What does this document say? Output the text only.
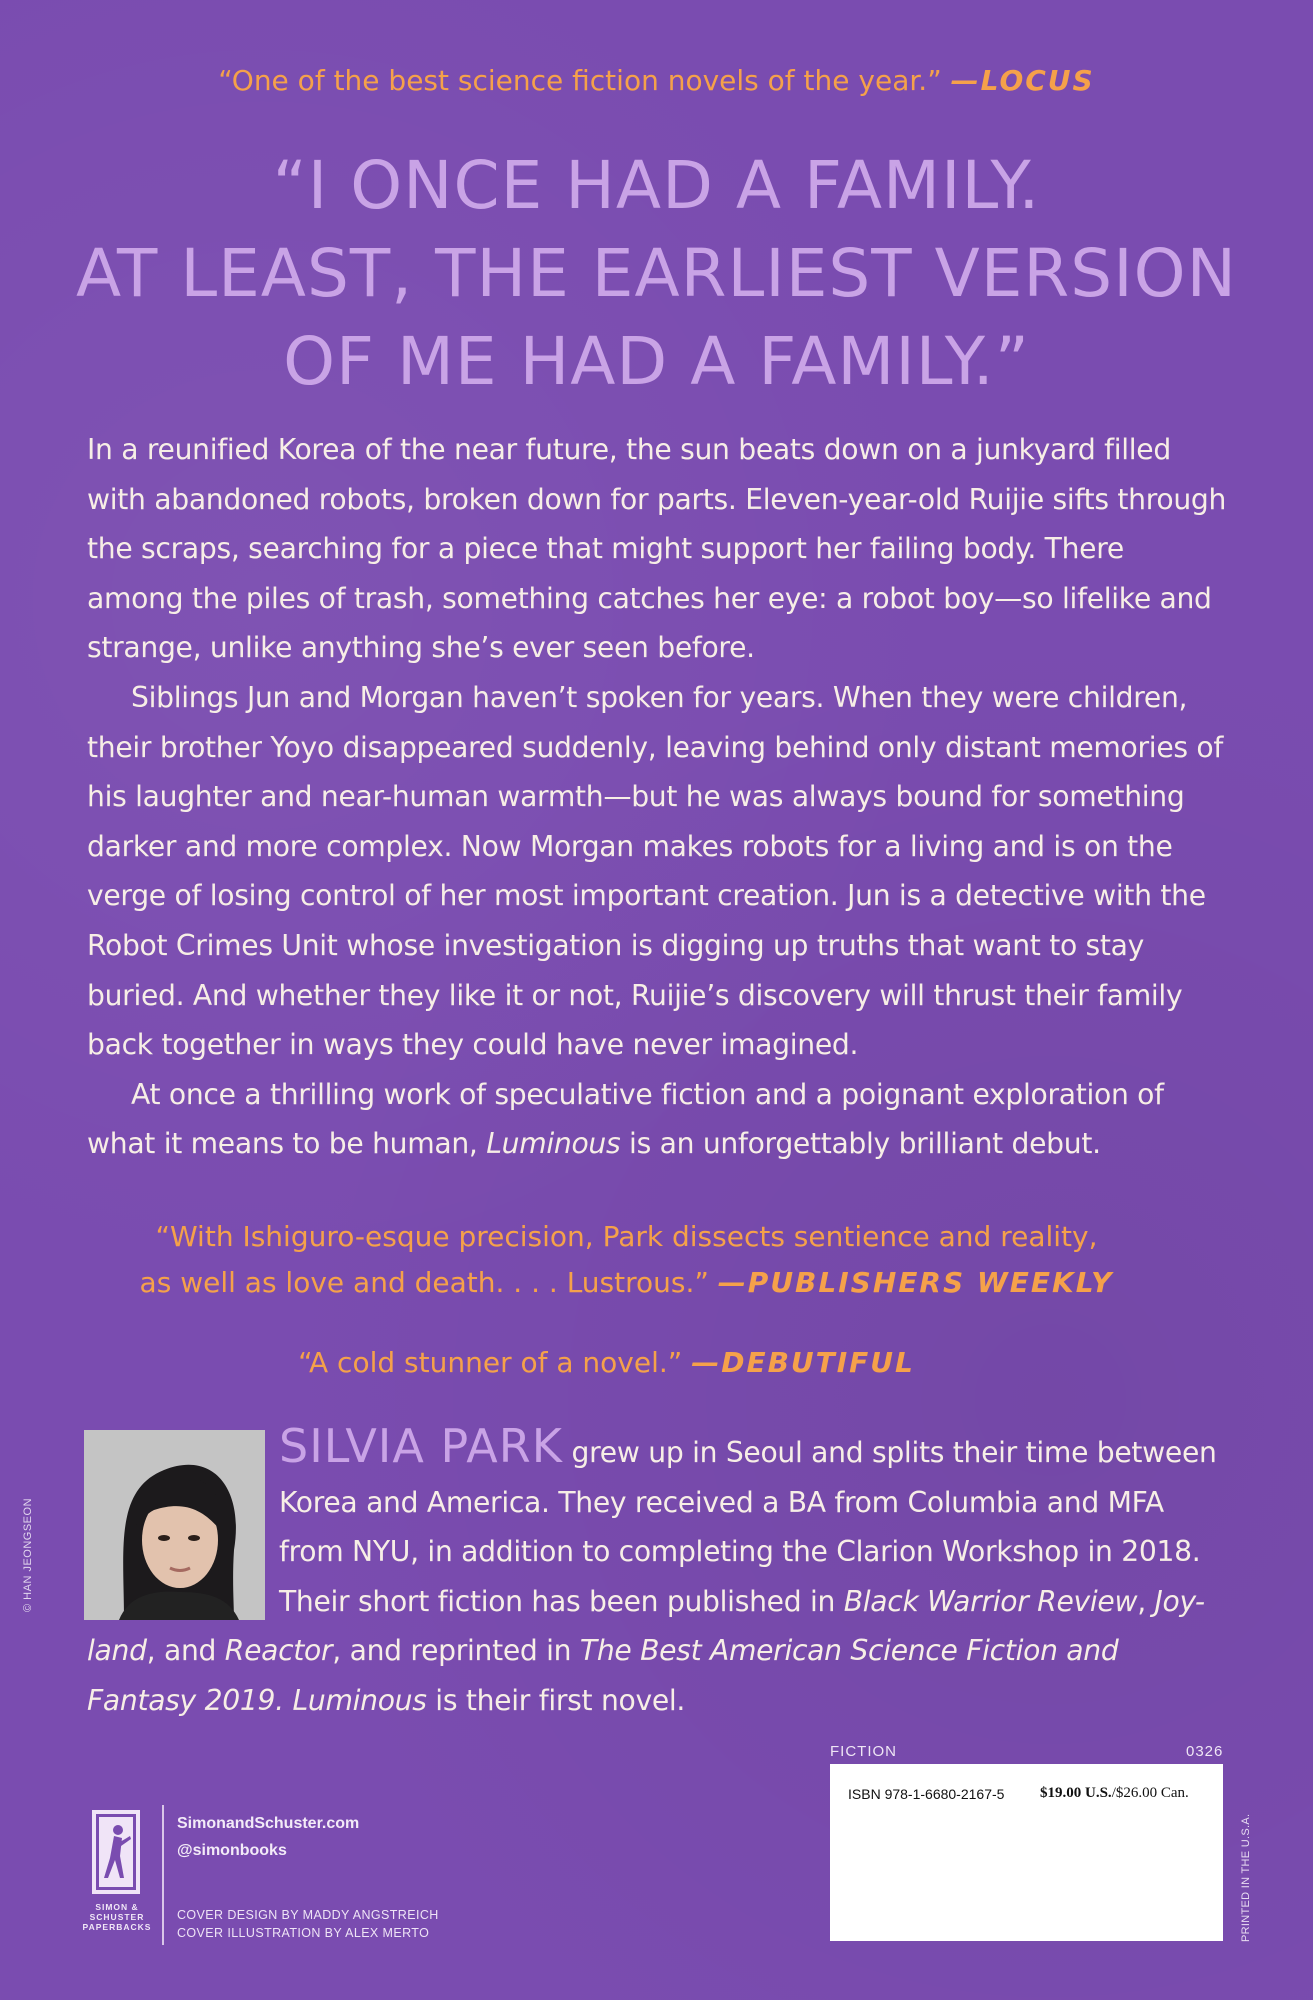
“One of the best science fiction novels of the year.” —LOCUS
“I ONCE HAD A FAMILY.
AT LEAST, THE EARLIEST VERSION
OF ME HAD A FAMILY.”

In a reunified Korea of the near future, the sun beats down on a junkyard filled with abandoned robots, broken down for parts. Eleven-year-old Ruijie sifts through the scraps, searching for a piece that might support her failing body. There among the piles of trash, something catches her eye: a robot boy—so lifelike and strange, unlike anything she’s ever seen before.

Siblings Jun and Morgan haven’t spoken for years. When they were children, their brother Yoyo disappeared suddenly, leaving behind only distant memories of his laughter and near-human warmth—but he was always bound for something darker and more complex. Now Morgan makes robots for a living and is on the verge of losing control of her most important creation. Jun is a detective with the Robot Crimes Unit whose investigation is digging up truths that want to stay buried. And whether they like it or not, Ruijie’s discovery will thrust their family back together in ways they could have never imagined.

At once a thrilling work of speculative fiction and a poignant exploration of what it means to be human, Luminous is an unforgettably brilliant debut.

“With Ishiguro-esque precision, Park dissects sentience and reality,
as well as love and death. . . . Lustrous.” —PUBLISHERS WEEKLY
“A cold stunner of a novel.” —DEBUTIFUL
© HAN JEONGSEON
SILVIA PARK grew up in Seoul and splits their time between Korea and America. They received a BA from Columbia and MFA from NYU, in addition to completing the Clarion Workshop in 2018. Their short fiction has been published in Black Warrior Review, Joy-land, and Reactor, and reprinted in The Best American Science Fiction and Fantasy 2019. Luminous is their first novel.
FICTION	0326
ISBN 978-1-6680-2167-5 $19.00 U.S./$26.00 Can.
PRINTED IN THE U.S.A.
SIMON &
SCHUSTER
PAPERBACKS
SimonandSchuster.com
@simonbooks
COVER DESIGN BY MADDY ANGSTREICH
COVER ILLUSTRATION BY ALEX MERTO
